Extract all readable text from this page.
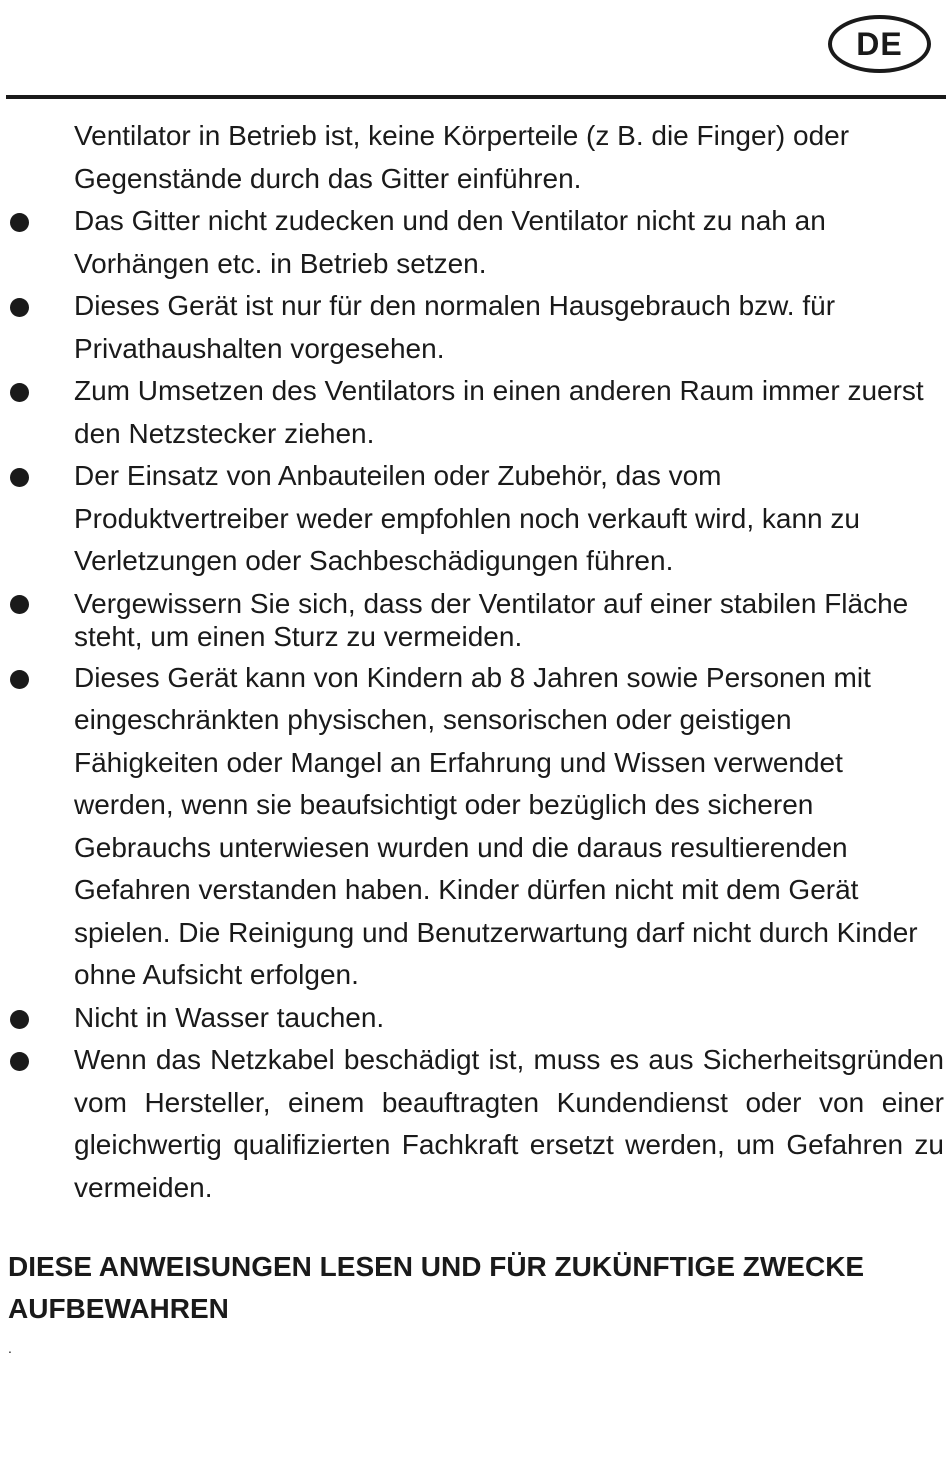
DE

Ventilator in Betrieb ist, keine Körperteile (z B. die Finger) oder Gegenstände durch das Gitter einführen.

Das Gitter nicht zudecken und den Ventilator nicht zu nah an Vorhängen etc. in Betrieb setzen.

Dieses Gerät ist nur für den normalen Hausgebrauch bzw. für Privathaushalten vorgesehen.

Zum Umsetzen des Ventilators in einen anderen Raum immer zuerst den Netzstecker ziehen.

Der Einsatz von Anbauteilen oder Zubehör, das vom Produktvertreiber weder empfohlen noch verkauft wird, kann zu Verletzungen oder Sachbeschädigungen führen.

Vergewissern Sie sich, dass der Ventilator auf einer stabilen Fläche steht, um einen Sturz zu vermeiden.

Dieses Gerät kann von Kindern ab 8 Jahren sowie Personen mit eingeschränkten physischen, sensorischen oder geistigen Fähigkeiten oder Mangel an Erfahrung und Wissen verwendet werden, wenn sie beaufsichtigt oder bezüglich des sicheren Gebrauchs unterwiesen wurden und die daraus resultierenden Gefahren verstanden haben. Kinder dürfen nicht mit dem Gerät spielen. Die Reinigung und Benutzerwartung darf nicht durch Kinder ohne Aufsicht erfolgen.

Nicht in Wasser tauchen.

Wenn das Netzkabel beschädigt ist, muss es aus Sicherheitsgründen vom Hersteller, einem beauftragten Kundendienst oder von einer gleichwertig qualifizierten Fachkraft ersetzt werden, um Gefahren zu vermeiden.

DIESE ANWEISUNGEN LESEN UND FÜR ZUKÜNFTIGE ZWECKE
AUFBEWAHREN
.
